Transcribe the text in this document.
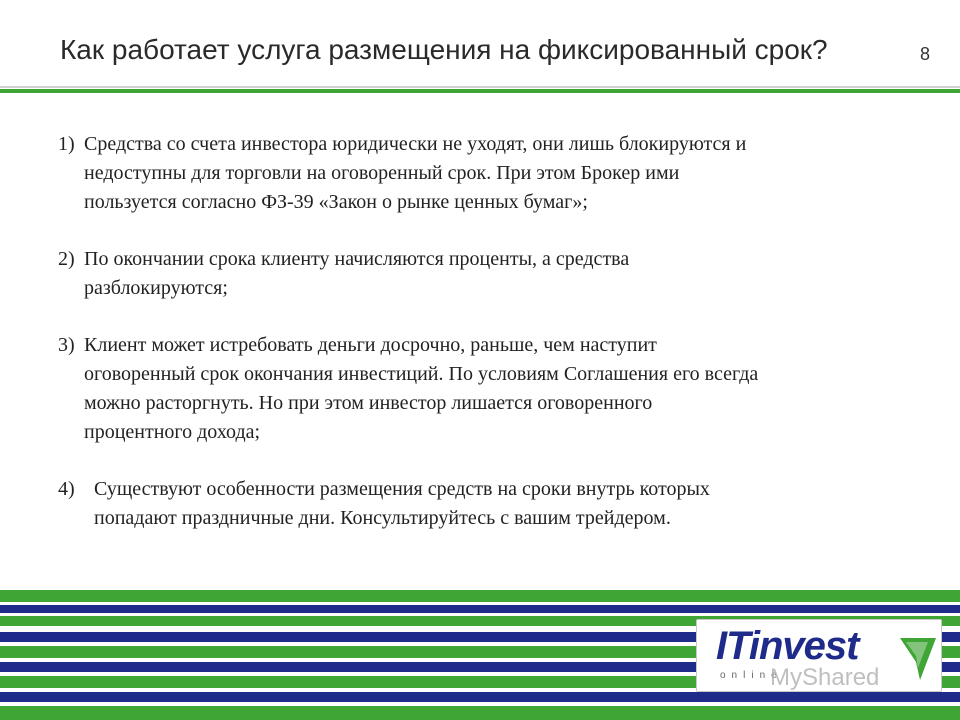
Как работает услуга размещения на фиксированный срок?	8
1) Средства со счета инвестора юридически не уходят, они лишь блокируются и
недоступны для торговли на оговоренный срок. При этом Брокер ими
пользуется согласно ФЗ-39 «Закон о рынке ценных бумаг»;
2) По окончании срока клиенту начисляются проценты, а средства
разблокируются;
3) Клиент может истребовать деньги досрочно, раньше, чем наступит
оговоренный срок окончания инвестиций. По условиям Соглашения его всегда
можно расторгнуть. Но при этом инвестор лишается оговоренного
процентного дохода;
4) Существуют особенности размещения средств на сроки внутрь которых
попадают праздничные дни. Консультируйтесь с вашим трейдером.
ITinvest
online
MyShared
